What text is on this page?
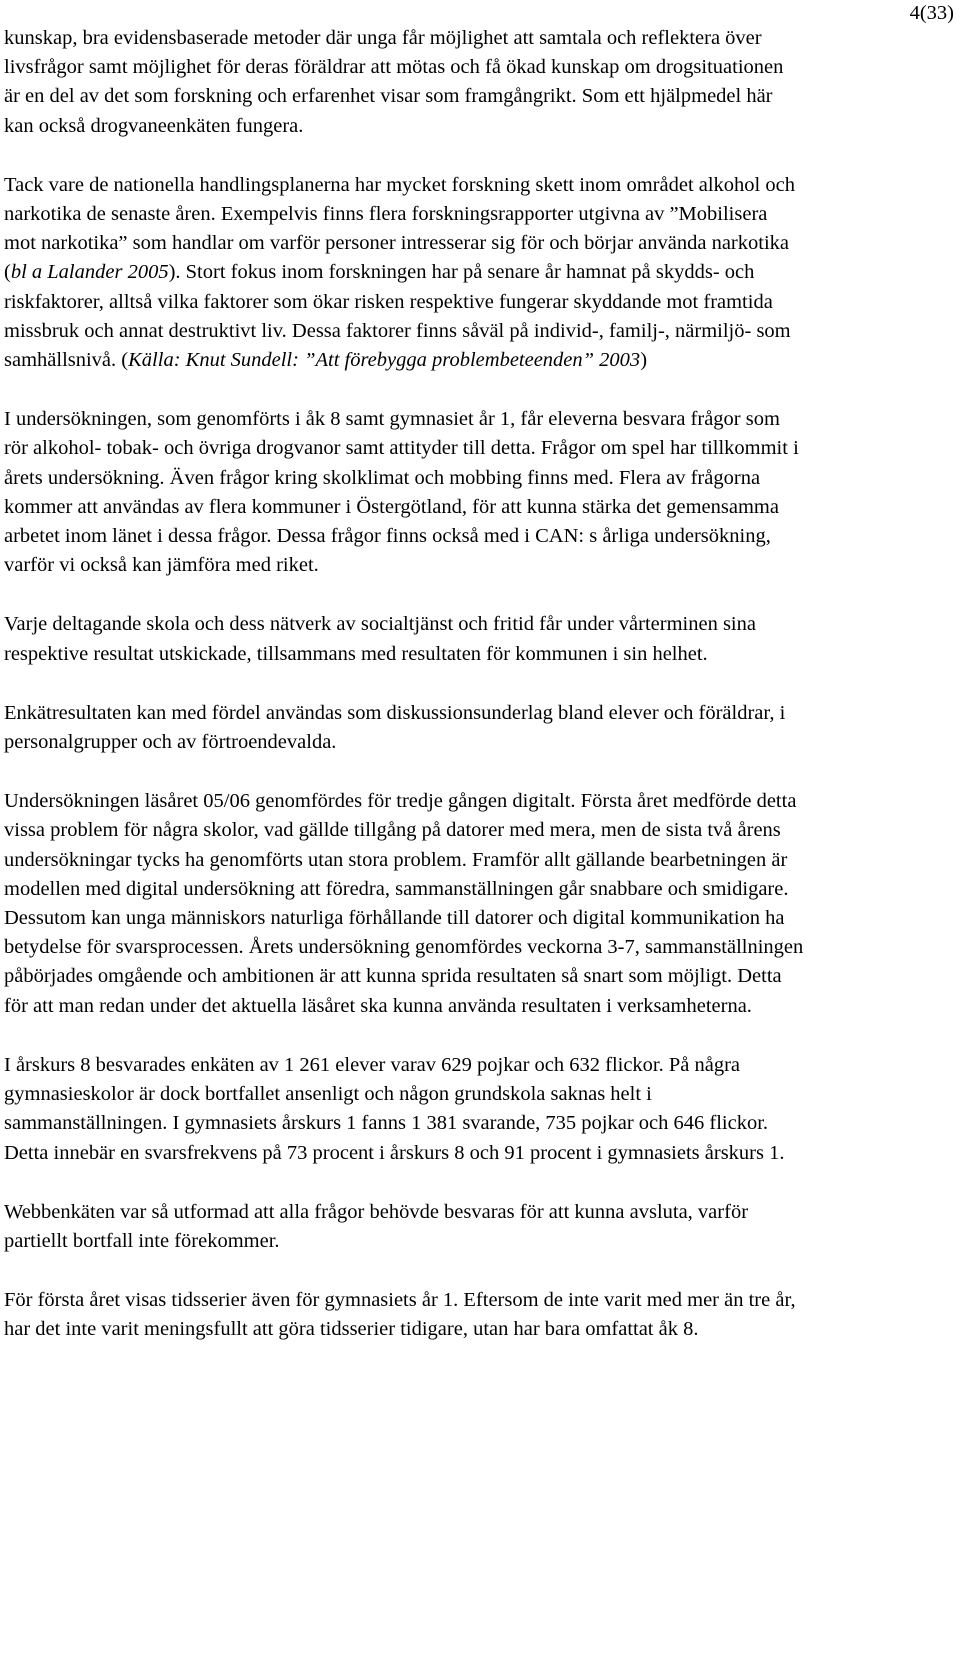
4(33)

kunskap, bra evidensbaserade metoder där unga får möjlighet att samtala och reflektera över livsfrågor samt möjlighet för deras föräldrar att mötas och få ökad kunskap om drogsituationen är en del av det som forskning och erfarenhet visar som framgångrikt. Som ett hjälpmedel här kan också drogvaneenkäten fungera.

Tack vare de nationella handlingsplanerna har mycket forskning skett inom området alkohol och narkotika de senaste åren. Exempelvis finns flera forskningsrapporter utgivna av ”Mobilisera mot narkotika” som handlar om varför personer intresserar sig för och börjar använda narkotika (bl a Lalander 2005). Stort fokus inom forskningen har på senare år hamnat på skydds- och riskfaktorer, alltså vilka faktorer som ökar risken respektive fungerar skyddande mot framtida missbruk och annat destruktivt liv. Dessa faktorer finns såväl på individ-, familj-, närmiljö- som samhällsnivå. (Källa: Knut Sundell: ”Att förebygga problembeteenden” 2003)

I undersökningen, som genomförts i åk 8 samt gymnasiet år 1, får eleverna besvara frågor som rör alkohol- tobak- och övriga drogvanor samt attityder till detta. Frågor om spel har tillkommit i årets undersökning. Även frågor kring skolklimat och mobbing finns med. Flera av frågorna kommer att användas av flera kommuner i Östergötland, för att kunna stärka det gemensamma arbetet inom länet i dessa frågor. Dessa frågor finns också med i CAN: s årliga undersökning, varför vi också kan jämföra med riket.

Varje deltagande skola och dess nätverk av socialtjänst och fritid får under vårterminen sina respektive resultat utskickade, tillsammans med resultaten för kommunen i sin helhet.

Enkätresultaten kan med fördel användas som diskussionsunderlag bland elever och föräldrar, i personalgrupper och av förtroendevalda.

Undersökningen läsåret 05/06 genomfördes för tredje gången digitalt. Första året medförde detta vissa problem för några skolor, vad gällde tillgång på datorer med mera, men de sista två årens undersökningar tycks ha genomförts utan stora problem. Framför allt gällande bearbetningen är modellen med digital undersökning att föredra, sammanställningen går snabbare och smidigare. Dessutom kan unga människors naturliga förhållande till datorer och digital kommunikation ha betydelse för svarsprocessen. Årets undersökning genomfördes veckorna 3-7, sammanställningen påbörjades omgående och ambitionen är att kunna sprida resultaten så snart som möjligt. Detta för att man redan under det aktuella läsåret ska kunna använda resultaten i verksamheterna.

I årskurs 8 besvarades enkäten av 1 261 elever varav 629 pojkar och 632 flickor. På några gymnasieskolor är dock bortfallet ansenligt och någon grundskola saknas helt i sammanställningen. I gymnasiets årskurs 1 fanns 1 381 svarande, 735 pojkar och 646 flickor. Detta innebär en svarsfrekvens på 73 procent i årskurs 8 och 91 procent i gymnasiets årskurs 1.

Webbenkäten var så utformad att alla frågor behövde besvaras för att kunna avsluta, varför partiellt bortfall inte förekommer.

För första året visas tidsserier även för gymnasiets år 1. Eftersom de inte varit med mer än tre år, har det inte varit meningsfullt att göra tidsserier tidigare, utan har bara omfattat åk 8.
